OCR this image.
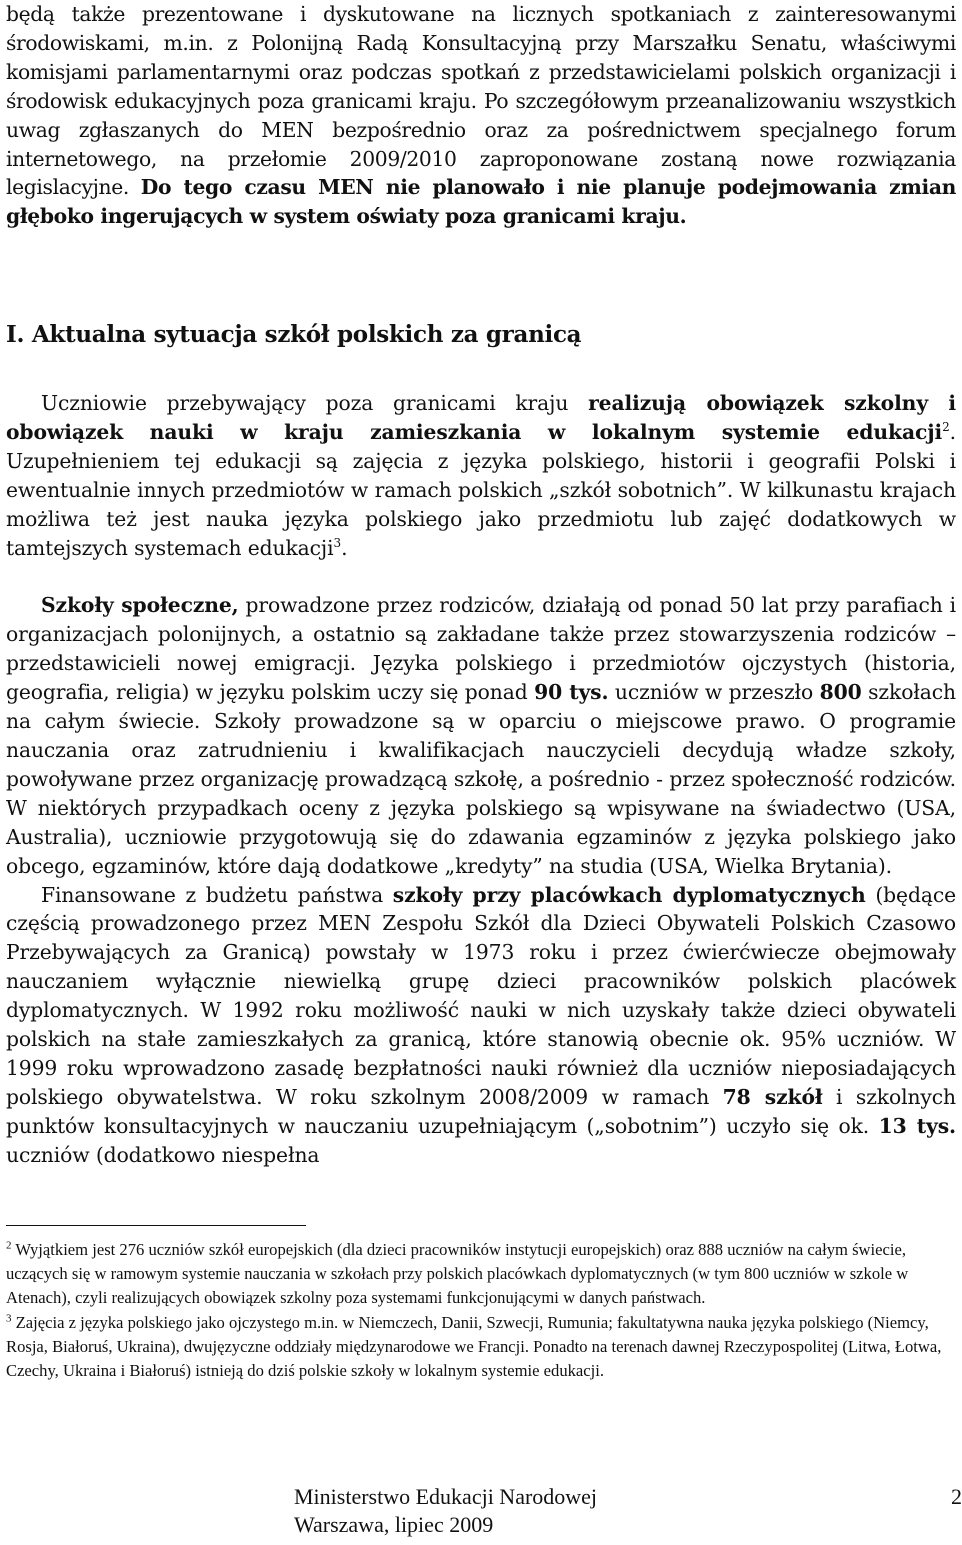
będą także prezentowane i dyskutowane na licznych spotkaniach z zainteresowanymi środowiskami, m.in. z Polonijną Radą Konsultacyjną przy Marszałku Senatu, właściwymi komisjami parlamentarnymi oraz podczas spotkań z przedstawicielami polskich organizacji i środowisk edukacyjnych poza granicami kraju. Po szczegółowym przeanalizowaniu wszystkich uwag zgłaszanych do MEN bezpośrednio oraz za pośrednictwem specjalnego forum internetowego, na przełomie 2009/2010 zaproponowane zostaną nowe rozwiązania legislacyjne. Do tego czasu MEN nie planowało i nie planuje podejmowania zmian głęboko ingerujących w system oświaty poza granicami kraju.

I. Aktualna sytuacja szkół polskich za granicą

Uczniowie przebywający poza granicami kraju realizują obowiązek szkolny i obowiązek nauki w kraju zamieszkania w lokalnym systemie edukacji$^2$. Uzupełnieniem tej edukacji są zajęcia z języka polskiego, historii i geografii Polski i ewentualnie innych przedmiotów w ramach polskich „szkół sobotnich”. W kilkunastu krajach możliwa też jest nauka języka polskiego jako przedmiotu lub zajęć dodatkowych w tamtejszych systemach edukacji$^3$.

Szkoły społeczne, prowadzone przez rodziców, działają od ponad 50 lat przy parafiach i organizacjach polonijnych, a ostatnio są zakładane także przez stowarzyszenia rodziców – przedstawicieli nowej emigracji. Języka polskiego i przedmiotów ojczystych (historia, geografia, religia) w języku polskim uczy się ponad 90 tys. uczniów w przeszło 800 szkołach na całym świecie. Szkoły prowadzone są w oparciu o miejscowe prawo. O programie nauczania oraz zatrudnieniu i kwalifikacjach nauczycieli decydują władze szkoły, powoływane przez organizację prowadzącą szkołę, a pośrednio - przez społeczność rodziców. W niektórych przypadkach oceny z języka polskiego są wpisywane na świadectwo (USA, Australia), uczniowie przygotowują się do zdawania egzaminów z języka polskiego jako obcego, egzaminów, które dają dodatkowe „kredyty” na studia (USA, Wielka Brytania).

Finansowane z budżetu państwa szkoły przy placówkach dyplomatycznych (będące częścią prowadzonego przez MEN Zespołu Szkół dla Dzieci Obywateli Polskich Czasowo Przebywających za Granicą) powstały w 1973 roku i przez ćwierćwiecze obejmowały nauczaniem wyłącznie niewielką grupę dzieci pracowników polskich placówek dyplomatycznych. W 1992 roku możliwość nauki w nich uzyskały także dzieci obywateli polskich na stałe zamieszkałych za granicą, które stanowią obecnie ok. 95% uczniów. W 1999 roku wprowadzono zasadę bezpłatności nauki również dla uczniów nieposiadających polskiego obywatelstwa. W roku szkolnym 2008/2009 w ramach 78 szkół i szkolnych punktów konsultacyjnych w nauczaniu uzupełniającym („sobotnim”) uczyło się ok. 13 tys. uczniów (dodatkowo niespełna

$^2$ Wyjątkiem jest 276 uczniów szkół europejskich (dla dzieci pracowników instytucji europejskich) oraz 888 uczniów na całym świecie, uczących się w ramowym systemie nauczania w szkołach przy polskich placówkach dyplomatycznych (w tym 800 uczniów w szkole w Atenach), czyli realizujących obowiązek szkolny poza systemami funkcjonującymi w danych państwach.

$^3$ Zajęcia z języka polskiego jako ojczystego m.in. w Niemczech, Danii, Szwecji, Rumunia; fakultatywna nauka języka polskiego (Niemcy, Rosja, Białoruś, Ukraina), dwujęzyczne oddziały międzynarodowe we Francji. Ponadto na terenach dawnej Rzeczypospolitej (Litwa, Łotwa, Czechy, Ukraina i Białoruś) istnieją do dziś polskie szkoły w lokalnym systemie edukacji.

Ministerstwo Edukacji Narodowej	2
Warszawa, lipiec 2009
